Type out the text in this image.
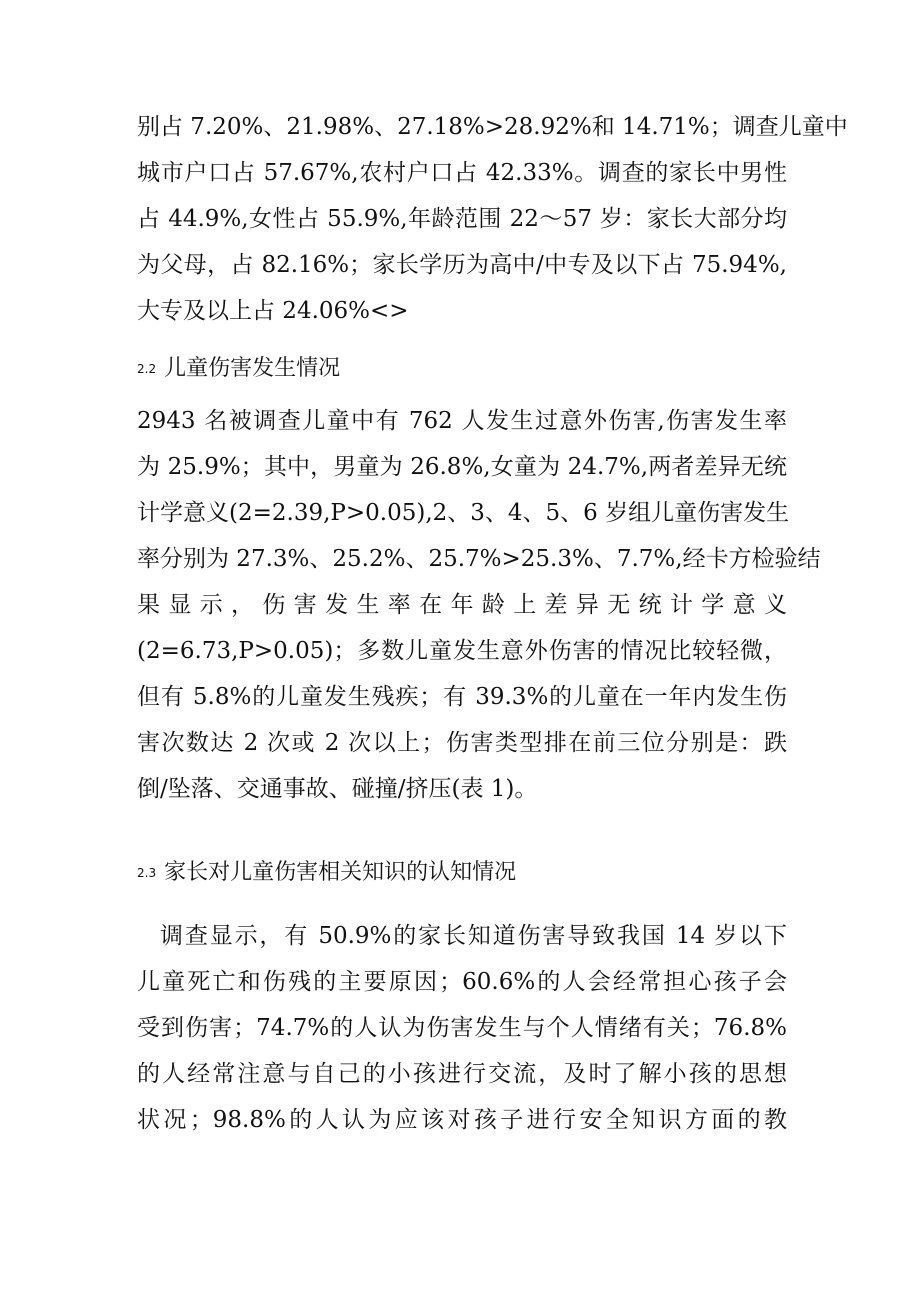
别占 7.20%、21.98%、27.18%>28.92%和 14.71%；调查儿童中
城市户口占 57.67%,农村户口占 42.33%。调查的家长中男性
占 44.9%,女性占 55.9%,年龄范围 22～57 岁：家长大部分均
为父母，占 82.16%；家长学历为高中/中专及以下占 75.94%,
大专及以上占 24.06%<>
2.2 儿童伤害发生情况
2943 名被调查儿童中有 762 人发生过意外伤害,伤害发生率
为 25.9%；其中，男童为 26.8%,女童为 24.7%,两者差异无统
计学意义(2=2.39,P>0.05),2、3、4、5、6 岁组儿童伤害发生
率分别为 27.3%、25.2%、25.7%>25.3%、7.7%,经卡方检验结
果显示，伤害发生率在年龄上差异无统计学意义
(2=6.73,P>0.05)；多数儿童发生意外伤害的情况比较轻微，
但有 5.8%的儿童发生残疾；有 39.3%的儿童在一年内发生伤
害次数达 2 次或 2 次以上；伤害类型排在前三位分别是：跌
倒/坠落、交通事故、碰撞/挤压(表 1)。
2.3 家长对儿童伤害相关知识的认知情况
调查显示，有 50.9%的家长知道伤害导致我国 14 岁以下
儿童死亡和伤残的主要原因；60.6%的人会经常担心孩子会
受到伤害；74.7%的人认为伤害发生与个人情绪有关；76.8%
的人经常注意与自己的小孩进行交流，及时了解小孩的思想
状况；98.8%的人认为应该对孩子进行安全知识方面的教
